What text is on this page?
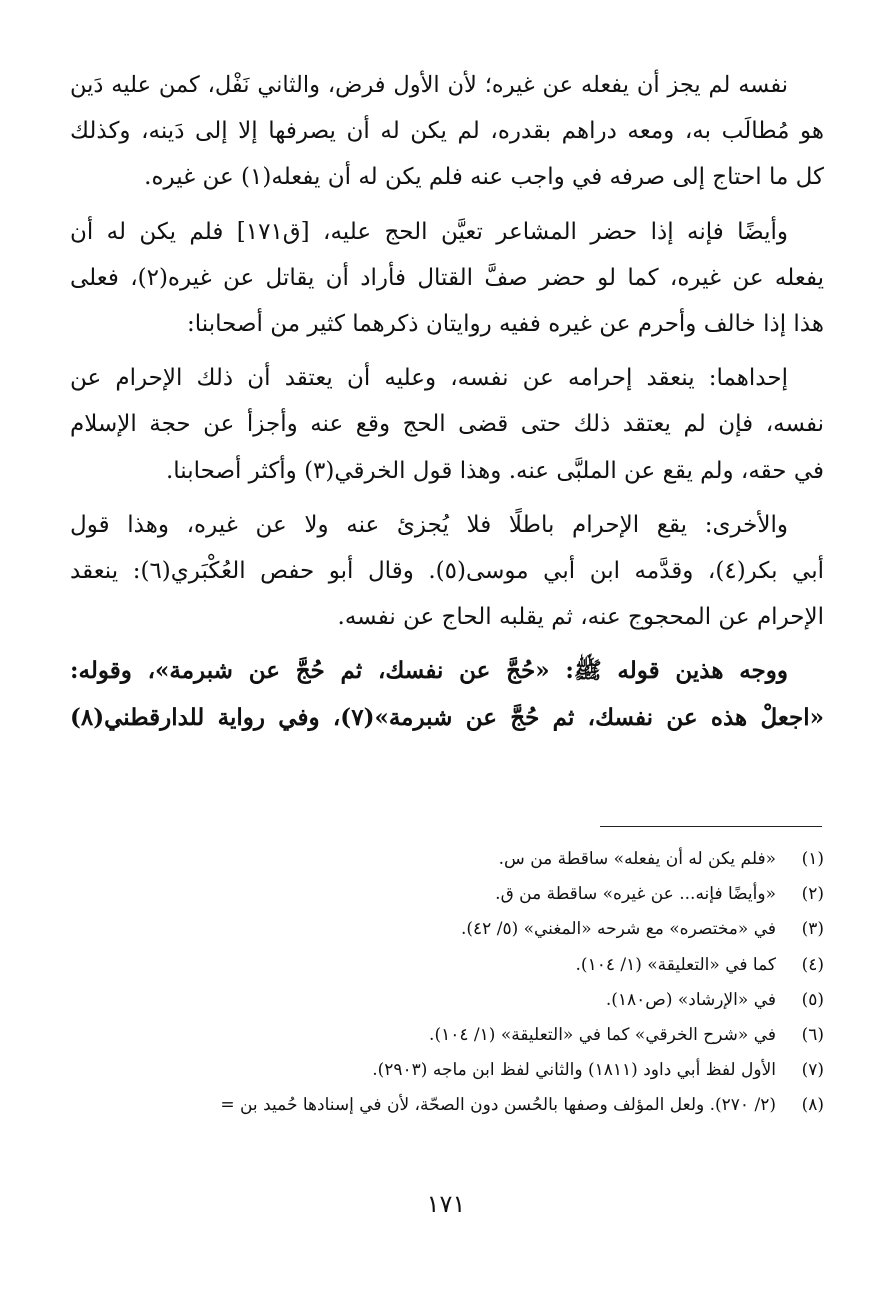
نفسه لم يجز أن يفعله عن غيره؛ لأن الأول فرض، والثاني نَفْل، كمن عليه دَين
هو مُطالَب به، ومعه دراهم بقدره، لم يكن له أن يصرفها إلا إلى دَينه، وكذلك
كل ما احتاج إلى صرفه في واجب عنه فلم يكن له أن يفعله(١) عن غيره.
وأيضًا فإنه إذا حضر المشاعر تعيَّن الحج عليه، [ق١٧١] فلم يكن له أن
يفعله عن غيره، كما لو حضر صفَّ القتال فأراد أن يقاتل عن غيره(٢)، فعلى
هذا إذا خالف وأحرم عن غيره ففيه روايتان ذكرهما كثير من أصحابنا:
إحداهما: ينعقد إحرامه عن نفسه، وعليه أن يعتقد أن ذلك الإحرام عن
نفسه، فإن لم يعتقد ذلك حتى قضى الحج وقع عنه وأجزأ عن حجة الإسلام
في حقه، ولم يقع عن الملبَّى عنه. وهذا قول الخرقي(٣) وأكثر أصحابنا.
والأخرى: يقع الإحرام باطلًا فلا يُجزئ عنه ولا عن غيره، وهذا قول
أبي بكر(٤)، وقدَّمه ابن أبي موسى(٥). وقال أبو حفص العُكْبَري(٦): ينعقد
الإحرام عن المحجوج عنه، ثم يقلبه الحاج عن نفسه.
ووجه هذين قوله ﷺ: «حُجَّ عن نفسك، ثم حُجَّ عن شبرمة»، وقوله:
«اجعلْ هذه عن نفسك، ثم حُجَّ عن شبرمة»(٧)، وفي رواية للدارقطني(٨)
(١)
«فلم يكن له أن يفعله» ساقطة من س.
(٢)
«وأيضًا فإنه... عن غيره» ساقطة من ق.
(٣)
في «مختصره» مع شرحه «المغني» (٥/ ٤٢).
(٤)
كما في «التعليقة» (١/ ١٠٤).
(٥)
في «الإرشاد» (ص١٨٠).
(٦)
في «شرح الخرقي» كما في «التعليقة» (١/ ١٠٤).
(٧)
الأول لفظ أبي داود (١٨١١) والثاني لفظ ابن ماجه (٢٩٠٣).
(٨)
(٢/ ٢٧٠). ولعل المؤلف وصفها بالحُسن دون الصحّة، لأن في إسنادها حُميد بن =
١٧١
